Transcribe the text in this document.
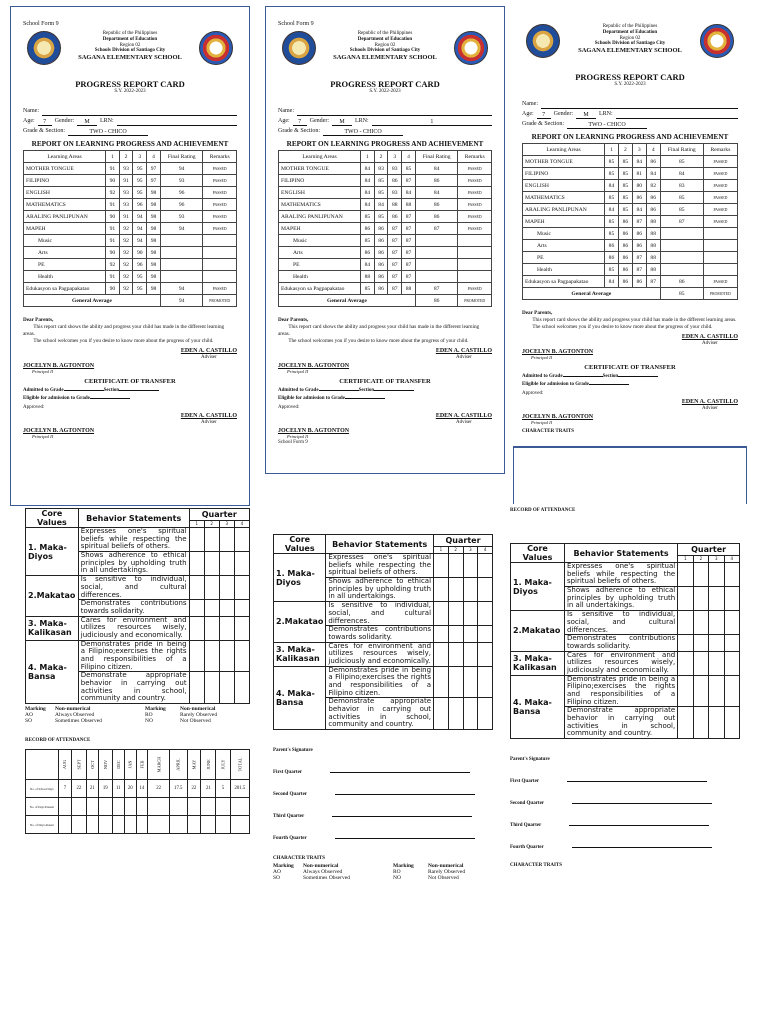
School Form 9
Republic of the Philippines
Department of Education
Region 02
Schools Division of Santiago City
SAGANA ELEMENTARY SCHOOL
PROGRESS REPORT CARD
S.Y. 2022-2023
Name:
Age:	7	Gender:	M	LRN:
Grade & Section:	TWO - CHICO
REPORT ON LEARNING PROGRESS AND ACHIEVEMENT
Learning Areas	1	2	3	4	Final Rating	Remarks
MOTHER TONGUE	91	93	95	97	94	PASSED
FILIPINO	90	91	95	97	93	PASSED
ENGLISH	92	93	95	98	96	PASSED
MATHEMATICS	91	93	96	98	96	PASSED
ARALING PANLIPUNAN	90	91	94	98	93	PASSED
MAPEH	91	92	94	98	94	PASSED
Music	91	92	94	98		
Arts	90	92	90	98		
PE	92	92	96	98		
Health	91	92	95	98		
Edukasyon sa Pagpapakatao	90	92	95	98	94	PASSED
General Average					94	PROMOTED
Dear Parents,
This report card shows the ability and progress your child has made in the different learning areas.
The school welcomes you if you desire to know more about the progress of your child.
EDEN A. CASTILLO
Adviser
JOCELYN B. AGTONTON
Principal II
CERTIFICATE OF TRANSFER
Admitted to Grade	Section
Eligible for admission to Grade
Approved:
EDEN A. CASTILLO
Adviser
JOCELYN B. AGTONTON
Principal II
School Form 9
Republic of the Philippines
Department of Education
Region 02
Schools Division of Santiago City
SAGANA ELEMENTARY SCHOOL
PROGRESS REPORT CARD
S.Y. 2022-2023
Name:
Age:	7	Gender:	M	LRN:	1
Grade & Section:	TWO - CHICO
REPORT ON LEARNING PROGRESS AND ACHIEVEMENT
Learning Areas	1	2	3	4	Final Rating	Remarks
MOTHER TONGUE	84	83	83	85	84	PASSED
FILIPINO	84	85	86	87	86	PASSED
ENGLISH	84	85	83	84	84	PASSED
MATHEMATICS	84	84	88	88	86	PASSED
ARALING PANLIPUNAN	85	85	86	87	86	PASSED
MAPEH	86	86	87	87	87	PASSED
Music	85	86	87	87		
Arts	86	86	87	87		
PE	84	86	87	87		
Health	88	86	87	87		
Edukasyon sa Pagpapakatao	85	86	87	88	87	PASSED
General Average					86	PROMOTED
Dear Parents,
This report card shows the ability and progress your child has made in the different learning areas.
The school welcomes you if you desire to know more about the progress of your child.
EDEN A. CASTILLO
Adviser
JOCELYN B. AGTONTON
Principal II
CERTIFICATE OF TRANSFER
Admitted to Grade	Section
Eligible for admission to Grade
Approved:
EDEN A. CASTILLO
Adviser
JOCELYN B. AGTONTON
Principal II
School Form 9
Republic of the Philippines
Department of Education
Region 02
Schools Division of Santiago City
SAGANA ELEMENTARY SCHOOL
PROGRESS REPORT CARD
S.Y. 2022-2023
Name:
Age:	7	Gender:	M	LRN:
Grade & Section:	TWO - CHICO
REPORT ON LEARNING PROGRESS AND ACHIEVEMENT
Learning Areas	1	2	3	4	Final Rating	Remarks
MOTHER TONGUE	85	85	84	86	85	PASSED
FILIPINO	85	85	81	84	84	PASSED
ENGLISH	84	85	80	82	83	PASSED
MATHEMATICS	85	85	86	86	85	PASSED
ARALING PANLIPUNAN	84	85	84	86	85	PASSED
MAPEH	85	86	87	88	87	PASSED
Music	85	86	86	88		
Arts	86	86	86	88		
PE	86	86	87	88		
Health	85	86	87	88		
Edukasyon sa Pagpapakatao	84	86	86	87	86	PASSED
General Average					85	PROMOTED
Dear Parents,
This report card shows the ability and progress your child has made in the different learning areas.
The school welcomes you if you desire to know more about the progress of your child.
EDEN A. CASTILLO
Adviser
JOCELYN B. AGTONTON
Principal II
CERTIFICATE OF TRANSFER
Admitted to Grade	Section
Eligible for admission to Grade
Approved:
EDEN A. CASTILLO
Adviser
JOCELYN B. AGTONTON
Principal II
CHARACTER TRAITS
Core Values	Behavior Statements	Quarter			
		1	2	3	4
1. Maka-Diyos	Expresses one's spiritual beliefs while respecting the spiritual beliefs of others.				
	Shows adherence to ethical principles by upholding truth in all undertakings.				
2.Makatao	Is sensitive to individual, social, and cultural differences.				
	Demonstrates contributions towards solidarity.				
3. Maka-Kalikasan	Cares for environment and utilizes resources wisely, judiciously and economically.				
4. Maka-Bansa	Demonstrates pride in being a Filipino;exercises the rights and responsibilities of a Filipino citizen.				
	Demonstrate appropriate behavior in carrying out activities in school, community and country.				
Marking	Non-numerical	Marking	Non-numerical
AO	Always Observed	RO	Rarely Observed
SO	Sometimes Observed	NO	Not Observed
RECORD OF ATTENDANCE
	AUG	SEPT	OCT	NOV	DEC	JAN	FEB	MARCH	APRIL	MAY	JUNE	JULY	TOTAL
No. of School Days	7	22	21	19	11	20	14	22	17.5	22	21	5	201.5
No. of Days Present													
No. of Days Absent													
Core Values	Behavior Statements	Quarter			
		1	2	3	4
1. Maka-Diyos	Expresses one's spiritual beliefs while respecting the spiritual beliefs of others.				
	Shows adherence to ethical principles by upholding truth in all undertakings.				
2.Makatao	Is sensitive to individual, social, and cultural differences.				
	Demonstrates contributions towards solidarity.				
3. Maka-Kalikasan	Cares for environment and utilizes resources wisely, judiciously and economically.				
4. Maka-Bansa	Demonstrates pride in being a Filipino;exercises the rights and responsibilities of a Filipino citizen.				
	Demonstrate appropriate behavior in carrying out activities in school, community and country.				
Parent's Signature
First Quarter
Second Quarter
Third Quarter
Fourth Quarter
CHARACTER TRAITS
Marking	Non-numerical	Marking	Non-numerical
AO	Always Observed	RO	Rarely Observed
SO	Sometimes Observed	NO	Not Observed
RECORD OF ATTENDANCE
Core Values	Behavior Statements	Quarter			
		1	2	3	4
1. Maka-Diyos	Expresses one's spiritual beliefs while respecting the spiritual beliefs of others.				
	Shows adherence to ethical principles by upholding truth in all undertakings.				
2.Makatao	Is sensitive to individual, social, and cultural differences.				
	Demonstrates contributions towards solidarity.				
3. Maka-Kalikasan	Cares for environment and utilizes resources wisely, judiciously and economically.				
4. Maka-Bansa	Demonstrates pride in being a Filipino;exercises the rights and responsibilities of a Filipino citizen.				
	Demonstrate appropriate behavior in carrying out activities in school, community and country.				
Parent's Signature
First Quarter
Second Quarter
Third Quarter
Fourth Quarter
CHARACTER TRAITS
